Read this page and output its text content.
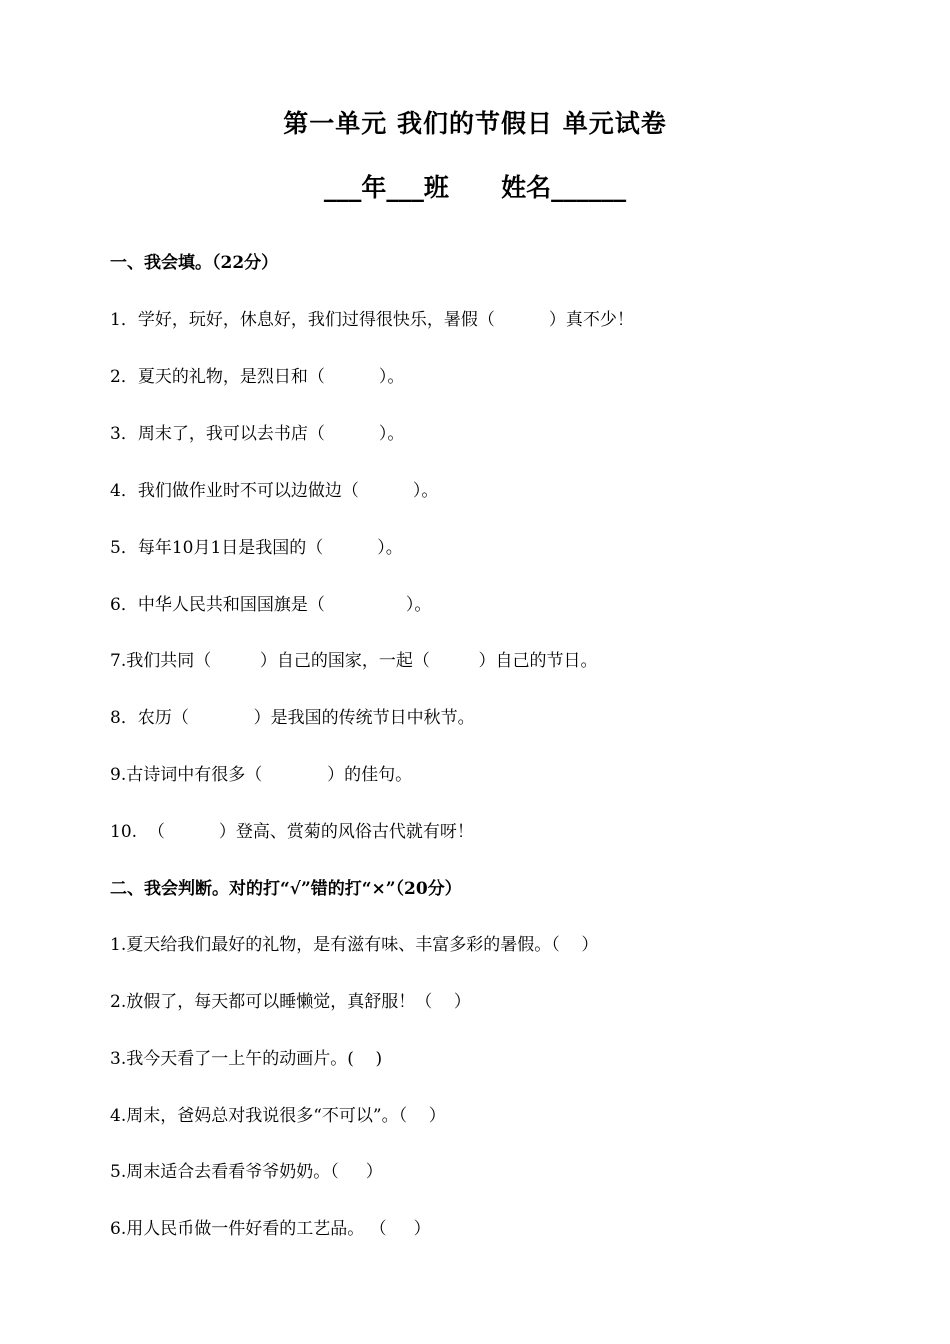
第一单元 我们的节假日 单元试卷
___年___班      姓名______
一、我会填。（22分）
1．学好，玩好，休息好，我们过得很快乐，暑假（          ）真不少！
2．夏天的礼物，是烈日和（          ）。
3．周末了，我可以去书店（          ）。
4．我们做作业时不可以边做边（          ）。
5．每年10月1日是我国的（          ）。
6．中华人民共和国国旗是（               ）。
7.我们共同（         ）自己的国家，一起（         ）自己的节日。
8．农历（            ）是我国的传统节日中秋节。
9.古诗词中有很多（            ）的佳句。
10.  （          ）登高、赏菊的风俗古代就有呀！
二、我会判断。对的打“√”错的打“×”（20分）
1.夏天给我们最好的礼物，是有滋有味、丰富多彩的暑假。（    ）
2.放假了，每天都可以睡懒觉，真舒服！（    ）
3.我今天看了一上午的动画片。(    )
4.周末，爸妈总对我说很多“不可以”。（    ）
5.周末适合去看看爷爷奶奶。（     ）
6.用人民币做一件好看的工艺品。 （     ）
